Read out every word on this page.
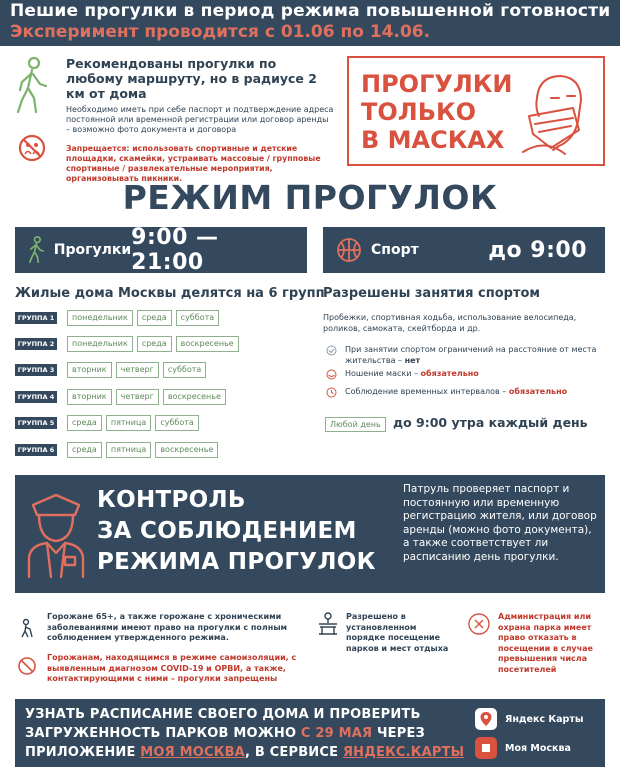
Пешие прогулки в период режима повышенной готовности
Эксперимент проводится с 01.06 по 14.06.
Рекомендованы прогулки по любому маршруту, но в радиусе 2 км от дома
Необходимо иметь при себе паспорт и подтверждение адреса постоянной или временной регистрации или договор аренды – возможно фото документа и договора
Запрещается: использовать спортивные и детские площадки, скамейки, устраивать массовые / групповые спортивные / развлекательные мероприятия, организовывать пикники.
ПРОГУЛКИ
ТОЛЬКО
В МАСКАХ
РЕЖИМ ПРОГУЛОК
Прогулки 9:00 — 21:00	Спорт	до 9:00
Жилые дома Москвы делятся на 6 групп
ГРУППА 1	понедельник	среда	суббота
ГРУППА 2	понедельник	среда	воскресенье
ГРУППА 3	вторник	четверг	суббота
ГРУППА 4	вторник	четверг	воскресенье
ГРУППА 5	среда	пятница	суббота
ГРУППА 6	среда	пятница	воскресенье
Разрешены занятия спортом
Пробежки, спортивная ходьба, использование велосипеда, роликов, самоката, скейтборда и др.
При занятии спортом ограничений на расстояние от места жительства – нет
Ношение маски – обязательно
Соблюдение временных интервалов – обязательно
Любой день до 9:00 утра каждый день
КОНТРОЛЬ
ЗА СОБЛЮДЕНИЕМ
РЕЖИМА ПРОГУЛОК
Патруль проверяет паспорт и постоянную или временную регистрацию жителя, или договор аренды (можно фото документа), а также соответствует ли расписанию день прогулки.
Горожане 65+, а также горожане с хроническими заболеваниями имеют право на прогулки с полным соблюдением утвержденного режима.
Горожанам, находящимся в режиме самоизоляции, с выявленным диагнозом COVID-19 и ОРВИ, а также, контактирующими с ними – прогулки запрещены
Разрешено в установленном порядке посещение парков и мест отдыха
Администрация или охрана парка имеет право отказать в посещении в случае превышения числа посетителей
УЗНАТЬ РАСПИСАНИЕ СВОЕГО ДОМА И ПРОВЕРИТЬ
ЗАГРУЖЕННОСТЬ ПАРКОВ МОЖНО С 29 МАЯ ЧЕРЕЗ
ПРИЛОЖЕНИЕ МОЯ МОСКВА, В СЕРВИСЕ ЯНДЕКС.КАРТЫ
Яндекс Карты
Моя Москва
